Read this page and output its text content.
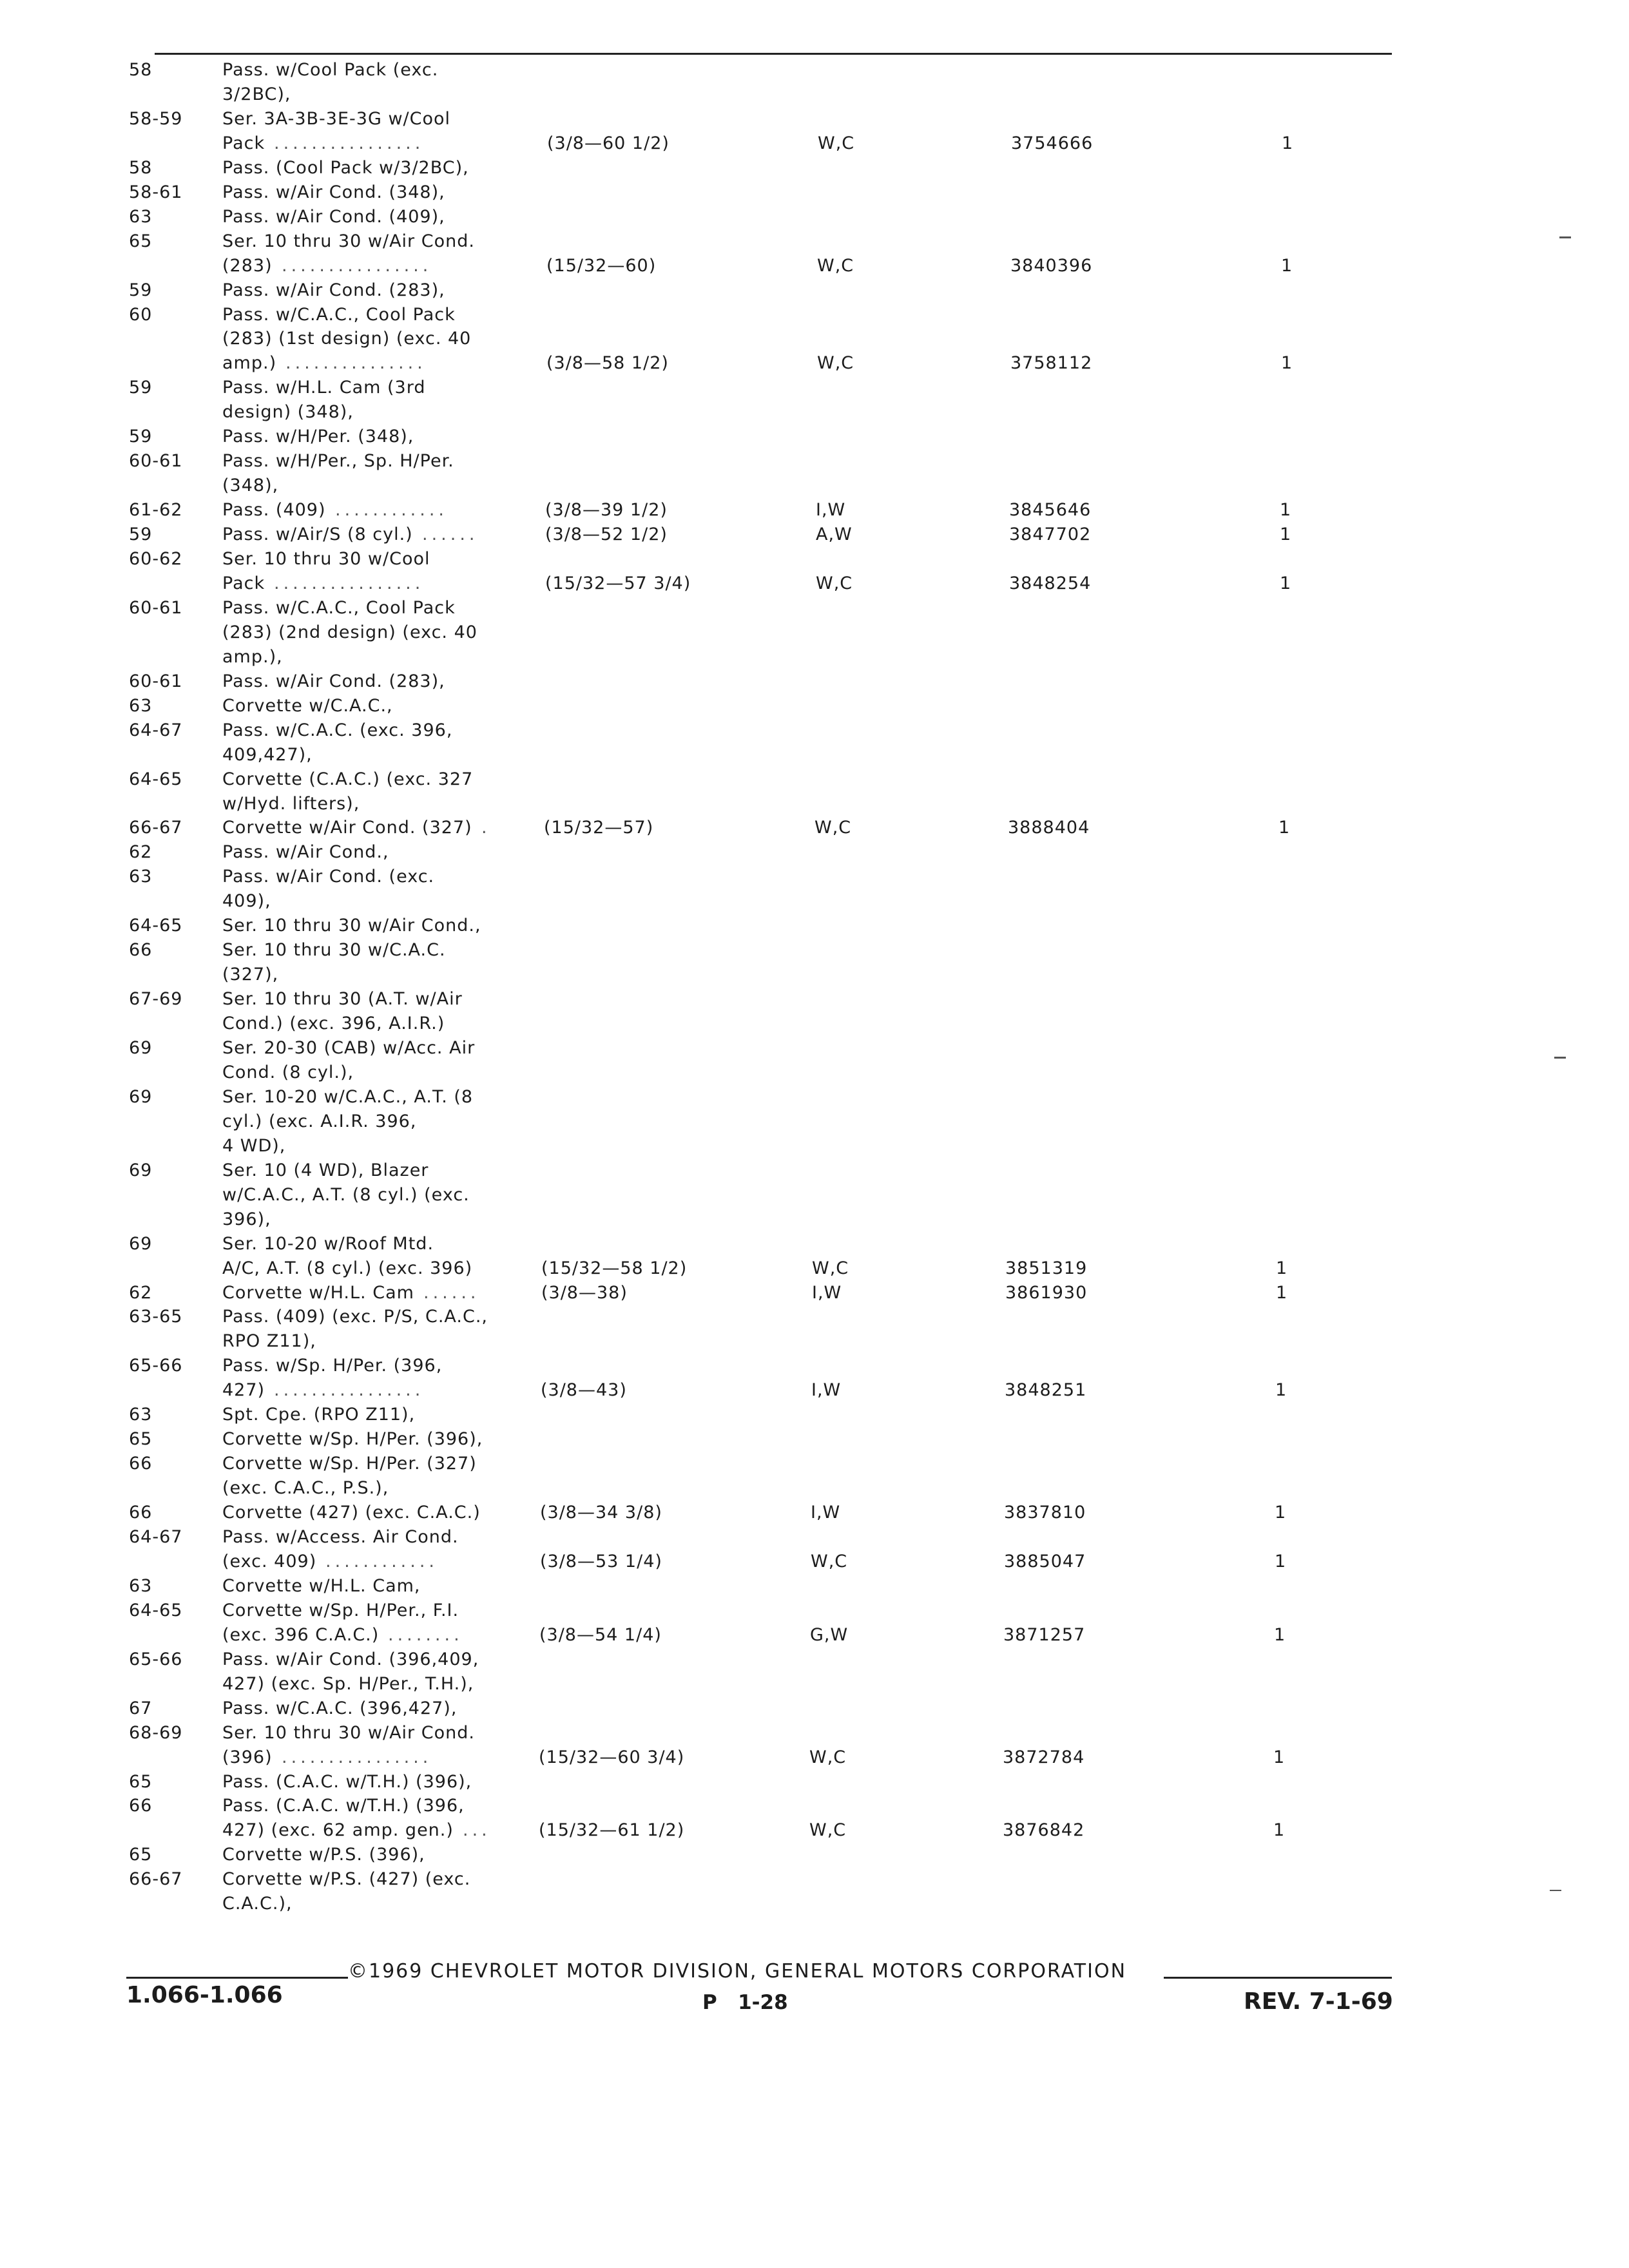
58	Pass. w/Cool Pack (exc.
3/2BC),
58-59	Ser. 3A-3B-3E-3G w/Cool
Pack ................	(3/8—60 1/2)	W,C	3754666	1
58	Pass. (Cool Pack w/3/2BC),
58-61	Pass. w/Air Cond. (348),
63	Pass. w/Air Cond. (409),
65	Ser. 10 thru 30 w/Air Cond.
(283) ................	(15/32—60)	W,C	3840396	1
59	Pass. w/Air Cond. (283),
60	Pass. w/C.A.C., Cool Pack
(283) (1st design) (exc. 40
amp.) ...............	(3/8—58 1/2)	W,C	3758112	1
59	Pass. w/H.L. Cam (3rd
design) (348),
59	Pass. w/H/Per. (348),
60-61	Pass. w/H/Per., Sp. H/Per.
(348),
61-62	Pass. (409) ............	(3/8—39 1/2)	I,W	3845646	1
59	Pass. w/Air/S (8 cyl.) ......	(3/8—52 1/2)	A,W	3847702	1
60-62	Ser. 10 thru 30 w/Cool
Pack ................	(15/32—57 3/4)	W,C	3848254	1
60-61	Pass. w/C.A.C., Cool Pack
(283) (2nd design) (exc. 40
amp.),
60-61	Pass. w/Air Cond. (283),
63	Corvette w/C.A.C.,
64-67	Pass. w/C.A.C. (exc. 396,
409,427),
64-65	Corvette (C.A.C.) (exc. 327
w/Hyd. lifters),
66-67	Corvette w/Air Cond. (327) .	(15/32—57)	W,C	3888404	1
62	Pass. w/Air Cond.,
63	Pass. w/Air Cond. (exc.
409),
64-65	Ser. 10 thru 30 w/Air Cond.,
66	Ser. 10 thru 30 w/C.A.C.
(327),
67-69	Ser. 10 thru 30 (A.T. w/Air
Cond.) (exc. 396, A.I.R.)
69	Ser. 20-30 (CAB) w/Acc. Air
Cond. (8 cyl.),
69	Ser. 10-20 w/C.A.C., A.T. (8
cyl.) (exc. A.I.R. 396,
4 WD),
69	Ser. 10 (4 WD), Blazer
w/C.A.C., A.T. (8 cyl.) (exc.
396),
69	Ser. 10-20 w/Roof Mtd.
A/C, A.T. (8 cyl.) (exc. 396)	(15/32—58 1/2)	W,C	3851319	1
62	Corvette w/H.L. Cam ......	(3/8—38)	I,W	3861930	1
63-65	Pass. (409) (exc. P/S, C.A.C.,
RPO Z11),
65-66	Pass. w/Sp. H/Per. (396,
427) ................	(3/8—43)	I,W	3848251	1
63	Spt. Cpe. (RPO Z11),
65	Corvette w/Sp. H/Per. (396),
66	Corvette w/Sp. H/Per. (327)
(exc. C.A.C., P.S.),
66	Corvette (427) (exc. C.A.C.)	(3/8—34 3/8)	I,W	3837810	1
64-67	Pass. w/Access. Air Cond.
(exc. 409) ............	(3/8—53 1/4)	W,C	3885047	1
63	Corvette w/H.L. Cam,
64-65	Corvette w/Sp. H/Per., F.I.
(exc. 396 C.A.C.) ........	(3/8—54 1/4)	G,W	3871257	1
65-66	Pass. w/Air Cond. (396,409,
427) (exc. Sp. H/Per., T.H.),
67	Pass. w/C.A.C. (396,427),
68-69	Ser. 10 thru 30 w/Air Cond.
(396) ................	(15/32—60 3/4)	W,C	3872784	1
65	Pass. (C.A.C. w/T.H.) (396),
66	Pass. (C.A.C. w/T.H.) (396,
427) (exc. 62 amp. gen.) ...	(15/32—61 1/2)	W,C	3876842	1
65	Corvette w/P.S. (396),
66-67	Corvette w/P.S. (427) (exc.
C.A.C.),
©1969 CHEVROLET MOTOR DIVISION, GENERAL MOTORS CORPORATION
1.066-1.066	P   1-28	REV. 7-1-69
